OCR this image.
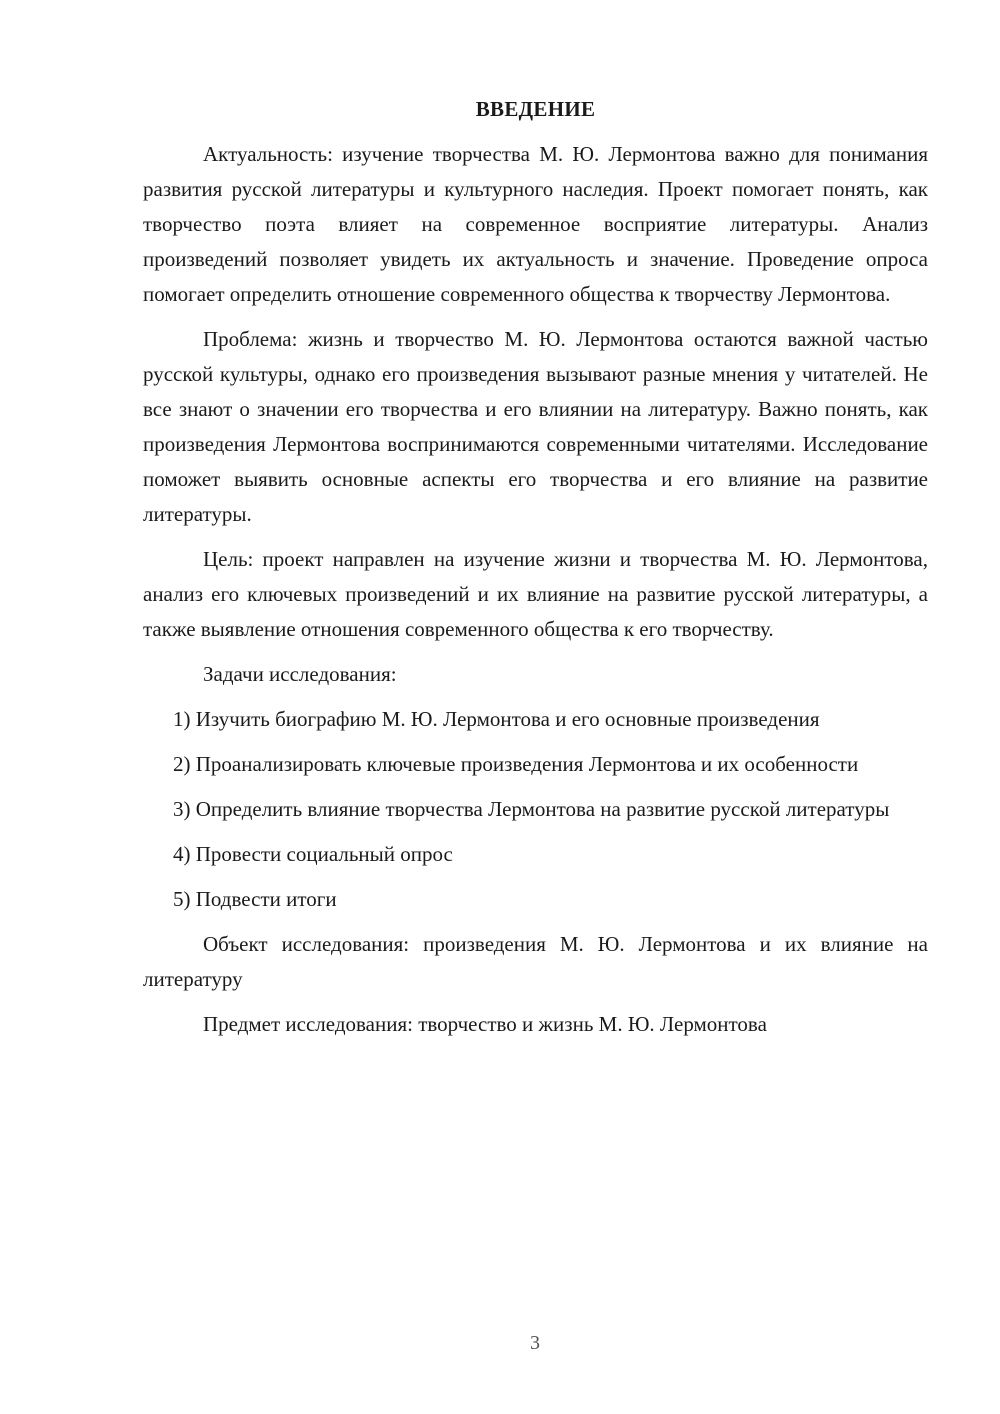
ВВЕДЕНИЕ

Актуальность: изучение творчества М. Ю. Лермонтова важно для понимания развития русской литературы и культурного наследия. Проект помогает понять, как творчество поэта влияет на современное восприятие литературы. Анализ произведений позволяет увидеть их актуальность и значение. Проведение опроса помогает определить отношение современного общества к творчеству Лермонтова.

Проблема: жизнь и творчество М. Ю. Лермонтова остаются важной частью русской культуры, однако его произведения вызывают разные мнения у читателей. Не все знают о значении его творчества и его влиянии на литературу. Важно понять, как произведения Лермонтова воспринимаются современными читателями. Исследование поможет выявить основные аспекты его творчества и его влияние на развитие литературы.

Цель: проект направлен на изучение жизни и творчества М. Ю. Лермонтова, анализ его ключевых произведений и их влияние на развитие русской литературы, а также выявление отношения современного общества к его творчеству.

Задачи исследования:

1) Изучить биографию М. Ю. Лермонтова и его основные произведения

2) Проанализировать ключевые произведения Лермонтова и их особенности

3) Определить влияние творчества Лермонтова на развитие русской литературы

4) Провести социальный опрос

5) Подвести итоги

Объект исследования: произведения М. Ю. Лермонтова и их влияние на литературу

Предмет исследования: творчество и жизнь М. Ю. Лермонтова

3
